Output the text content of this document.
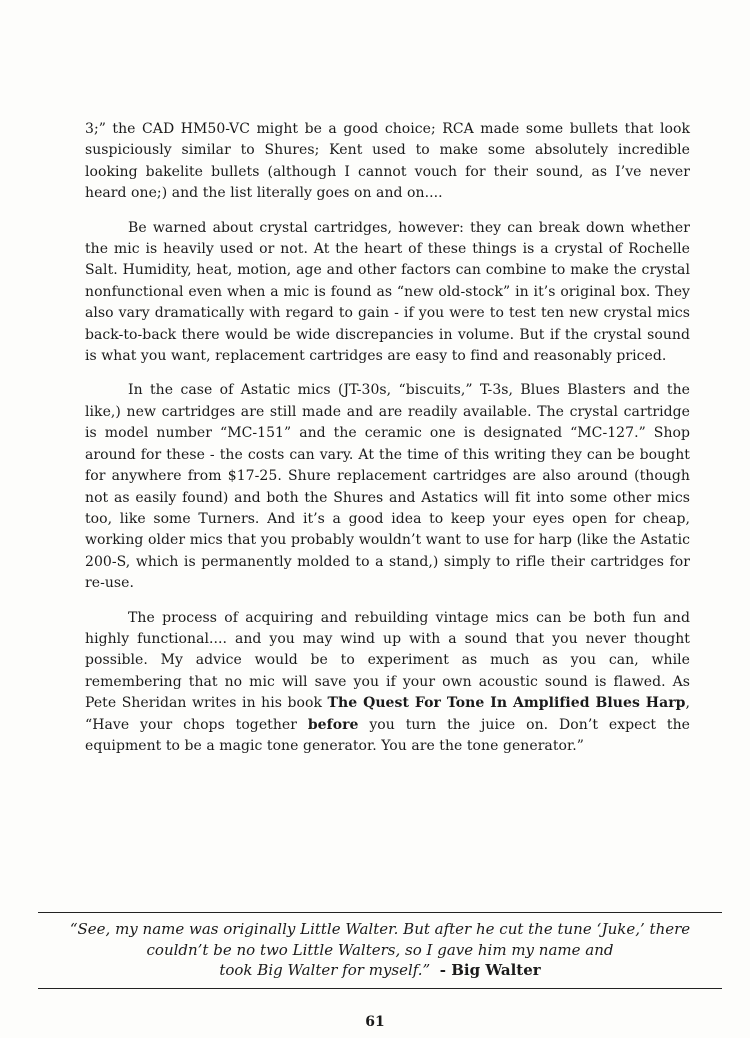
3;” the CAD HM50-VC might be a good choice; RCA made some bullets that look suspiciously similar to Shures; Kent used to make some absolutely incredible looking bakelite bullets (although I cannot vouch for their sound, as I’ve never heard one;) and the list literally goes on and on....

Be warned about crystal cartridges, however: they can break down whether the mic is heavily used or not. At the heart of these things is a crystal of Rochelle Salt. Humidity, heat, motion, age and other factors can combine to make the crystal nonfunctional even when a mic is found as “new old-stock” in it’s original box. They also vary dramatically with regard to gain - if you were to test ten new crystal mics back-to-back there would be wide discrepancies in volume. But if the crystal sound is what you want, replacement cartridges are easy to find and reasonably priced.

In the case of Astatic mics (JT-30s, “biscuits,” T-3s, Blues Blasters and the like,) new cartridges are still made and are readily available. The crystal cartridge is model number “MC-151” and the ceramic one is designated “MC-127.” Shop around for these - the costs can vary. At the time of this writing they can be bought for anywhere from $17-25. Shure replacement cartridges are also around (though not as easily found) and both the Shures and Astatics will fit into some other mics too, like some Turners. And it’s a good idea to keep your eyes open for cheap, working older mics that you probably wouldn’t want to use for harp (like the Astatic 200-S, which is permanently molded to a stand,) simply to rifle their cartridges for re-use.

The process of acquiring and rebuilding vintage mics can be both fun and highly functional.... and you may wind up with a sound that you never thought possible. My advice would be to experiment as much as you can, while remembering that no mic will save you if your own acoustic sound is flawed. As Pete Sheridan writes in his book The Quest For Tone In Amplified Blues Harp, “Have your chops together before you turn the juice on. Don’t expect the equipment to be a magic tone generator. You are the tone generator.”

“See, my name was originally Little Walter. But after he cut the tune ‘Juke,’ there
couldn’t be no two Little Walters, so I gave him my name and
took Big Walter for myself.” - Big Walter
61
